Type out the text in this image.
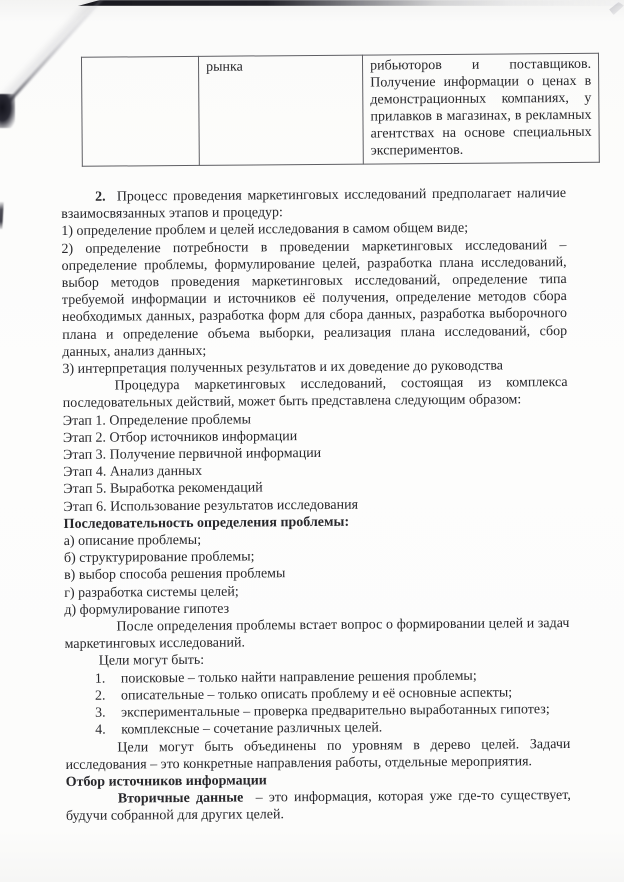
	рынка	рибьюторов и поставщиков. Получение информации о ценах в демонстрационных компаниях, у прилавков в магазинах, в рекламных агентствах на основе специальных экспериментов.

2. Процесс проведения маркетинговых исследований предполагает наличие взаимосвязанных этапов и процедур:

1) определение проблем и целей исследования в самом общем виде;

2) определение потребности в проведении маркетинговых исследований – определение проблемы, формулирование целей, разработка плана исследований, выбор методов проведения маркетинговых исследований, определение типа требуемой информации и источников её получения, определение методов сбора необходимых данных, разработка форм для сбора данных, разработка выборочного плана и определение объема выборки, реализация плана исследований, сбор данных, анализ данных;

3) интерпретация полученных результатов и их доведение до руководства

Процедура маркетинговых исследований, состоящая из комплекса последовательных действий, может быть представлена следующим образом:

Этап 1. Определение проблемы
Этап 2. Отбор источников информации
Этап 3. Получение первичной информации
Этап 4. Анализ данных
Этап 5. Выработка рекомендаций
Этап 6. Использование результатов исследования
Последовательность определения проблемы:
а) описание проблемы;
б) структурирование проблемы;
в) выбор способа решения проблемы
г) разработка системы целей;
д) формулирование гипотез

После определения проблемы встает вопрос о формировании целей и задач маркетинговых исследований.

Цели могут быть:

1.	поисковые – только найти направление решения проблемы;
2.	описательные – только описать проблему и её основные аспекты;
3.	экспериментальные – проверка предварительно выработанных гипотез;
4.	комплексные – сочетание различных целей.

Цели могут быть объединены по уровням в дерево целей. Задачи исследования – это конкретные направления работы, отдельные мероприятия.

Отбор источников информации

Вторичные данные – это информация, которая уже где-то существует, будучи собранной для других целей.
